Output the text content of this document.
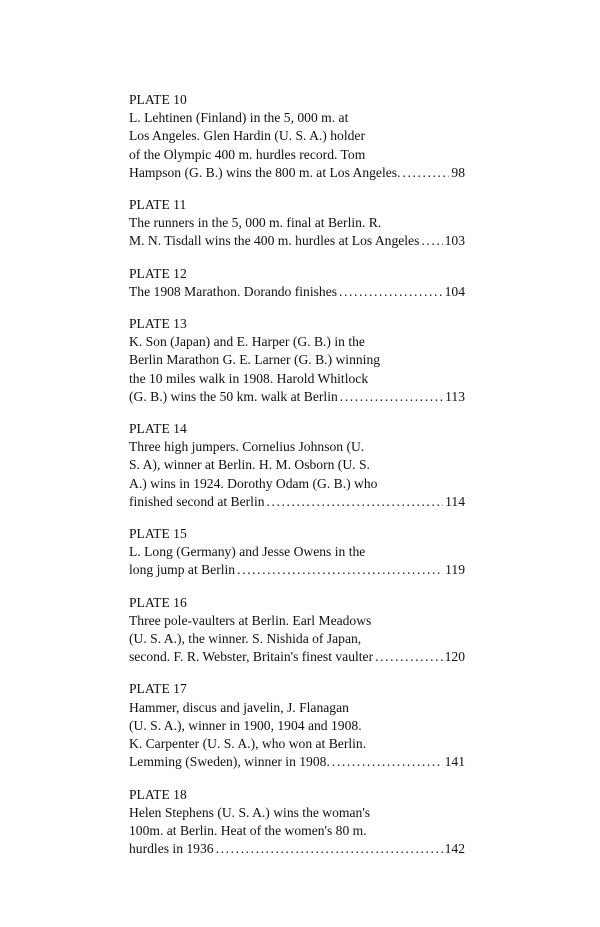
PLATE 10
L. Lehtinen (Finland) in the 5, 000 m. at
Los Angeles. Glen Hardin (U. S. A.) holder
of the Olympic 400 m. hurdles record. Tom
Hampson (G. B.) wins the 800 m. at Los Angeles. .....	98
PLATE 11
The runners in the 5, 000 m. final at Berlin. R.
M. N. Tisdall wins the 400 m. hurdles at Los Angeles ..... 103
PLATE 12
The 1908 Marathon. Dorando finishes .....	104
PLATE 13
K. Son (Japan) and E. Harper (G. B.) in the
Berlin Marathon G. E. Larner (G. B.) winning
the 10 miles walk in 1908. Harold Whitlock
(G. B.) wins the 50 km. walk at Berlin .....	113
PLATE 14
Three high jumpers. Cornelius Johnson (U.
S. A), winner at Berlin. H. M. Osborn (U. S.
A.) wins in 1924. Dorothy Odam (G. B.) who
finished second at Berlin .....	114
PLATE 15
L. Long (Germany) and Jesse Owens in the
long jump at Berlin .....	119
PLATE 16
Three pole-vaulters at Berlin. Earl Meadows
(U. S. A.), the winner. S. Nishida of Japan,
second. F. R. Webster, Britain's finest vaulter .....	120
PLATE 17
Hammer, discus and javelin, J. Flanagan
(U. S. A.), winner in 1900, 1904 and 1908.
K. Carpenter (U. S. A.), who won at Berlin.
Lemming (Sweden), winner in 1908. .....	141
PLATE 18
Helen Stephens (U. S. A.) wins the woman's
100m. at Berlin. Heat of the women's 80 m.
hurdles in 1936 .....	142
